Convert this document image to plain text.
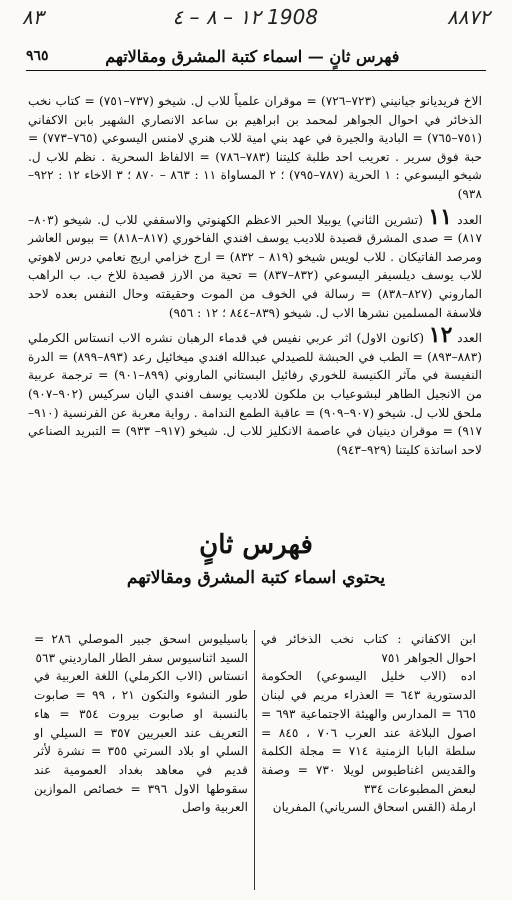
٨٣	١٢ – ٨ – ٤ 1908	٨٨٧٢
فهرس ثانٍ — اسماء كتبة المشرق ومقالاتهم
٩٦٥

الاخ فريديانو جيانيني (٧٢٣–٧٢٦) = موقران علمياً للاب ل. شيخو (٧٣٧–٧٥١) = كتاب نخب الذخائر في احوال الجواهر لمحمد بن ابراهيم بن ساعد الانصاري الشهير بابن الاكفاني (٧٥١–٧٦٥) = البادية والجيرة في عهد بني امية للاب هنري لامنس اليسوعي (٧٦٥–٧٧٣) = حبة فوق سرير . تعريب احد طلبة كليتنا (٧٨٣–٧٨٦) = الالفاظ السحرية . نظم للاب ل. شيخو اليسوعي : ١ الحرية (٧٨٧–٧٩٥) ؛ ٢ المساواة ١١ : ٨٦٣ – ٨٧٠ ؛ ٣ الاخاء ١٢ : ٩٢٢–٩٣٨)

العدد ١١ (تشرين الثاني) يوبيلا الحبر الاعظم الكهنوتي والاسقفي للاب ل. شيخو (٨٠٣–٨١٧) = صدى المشرق قصيدة للاديب يوسف افندي الفاخوري (٨١٧–٨١٨) = بيوس العاشر ومرصد الفاتيكان . للاب لويس شيخو (٨١٩ – ٨٣٢) = ارج خزامي اريج نعامي درس لاهوتي للاب يوسف ديلسيفر اليسوعي (٨٣٢–٨٣٧) = تحية من الارز قصيدة للاخ ب. ب الراهب الماروني (٨٢٧–٨٣٨) = رسالة في الخوف من الموت وحقيقته وحال النفس بعده لاحد فلاسفة المسلمين نشرها الاب ل. شيخو (٨٣٩–٨٤٤ ؛ ١٢ : ٩٥٦)

العدد ١٢ (كانون الاول) اثر عربي نفيس في قدماء الرهبان نشره الاب انستاس الكرملي (٨٨٣–٨٩٣) = الطب في الحبشة للصيدلي عبدالله افندي ميخائيل رعد (٨٩٣–٨٩٩) = الدرة النفيسة في مآثر الكنيسة للخوري رفائيل البستاني الماروني (٨٩٩–٩٠١) = ترجمة عربية من الانجيل الطاهر لبشوعياب بن ملكون للاديب يوسف افندي اليان سركيس (٩٠٢–٩٠٧) ملحق للاب ل. شيخو (٩٠٧–٩٠٩) = عاقبة الطمع الندامة . رواية معربة عن الفرنسية (٩١٠–٩١٧) = موقران دينيان في عاصمة الانكليز للاب ل. شيخو (٩١٧– ٩٣٣) = التبريد الصناعي لاحد اساتذة كليتنا (٩٢٩–٩٤٣)

فهرس ثانٍ
يحتوي اسماء كتبة المشرق ومقالاتهم

ابن الاكفاني : كتاب نخب الذخائر في احوال الجواهر ٧٥١

اده (الاب خليل اليسوعي) الحكومة الدستورية ٦٤٣ = العذراء مريم في لبنان ٦٦٥ = المدارس والهيئة الاجتماعية ٦٩٣ = اصول البلاغة عند العرب ٧٠٦ ، ٨٤٥ = سلطة البابا الزمنية ٧١٤ = مجلة الكلمة والقديس اغناطيوس لويلا ٧٣٠ = وصفة لبعض المطبوعات ٣٣٤

ارملة (القس اسحاق السرياني) المفريان

باسيليوس اسحق جبير الموصلي ٢٨٦ = السيد اثناسيوس سفر الطار المارديني ٥٦٣

انستاس (الاب الكرملي) اللغة العربية في طور النشوء والتكون ٢١ ، ٩٩ = صابوت بالنسبة او صابوت بيروت ٣٥٤ = هاء التعريف عند العبريين ٣٥٧ = السيلي او السلي او بلاد السرتي ٣٥٥ = نشرة لأثر قديم في معاهد بغداد العمومية عند سقوطها الاول ٣٩٦ = خصائص الموازين العربية واصل
